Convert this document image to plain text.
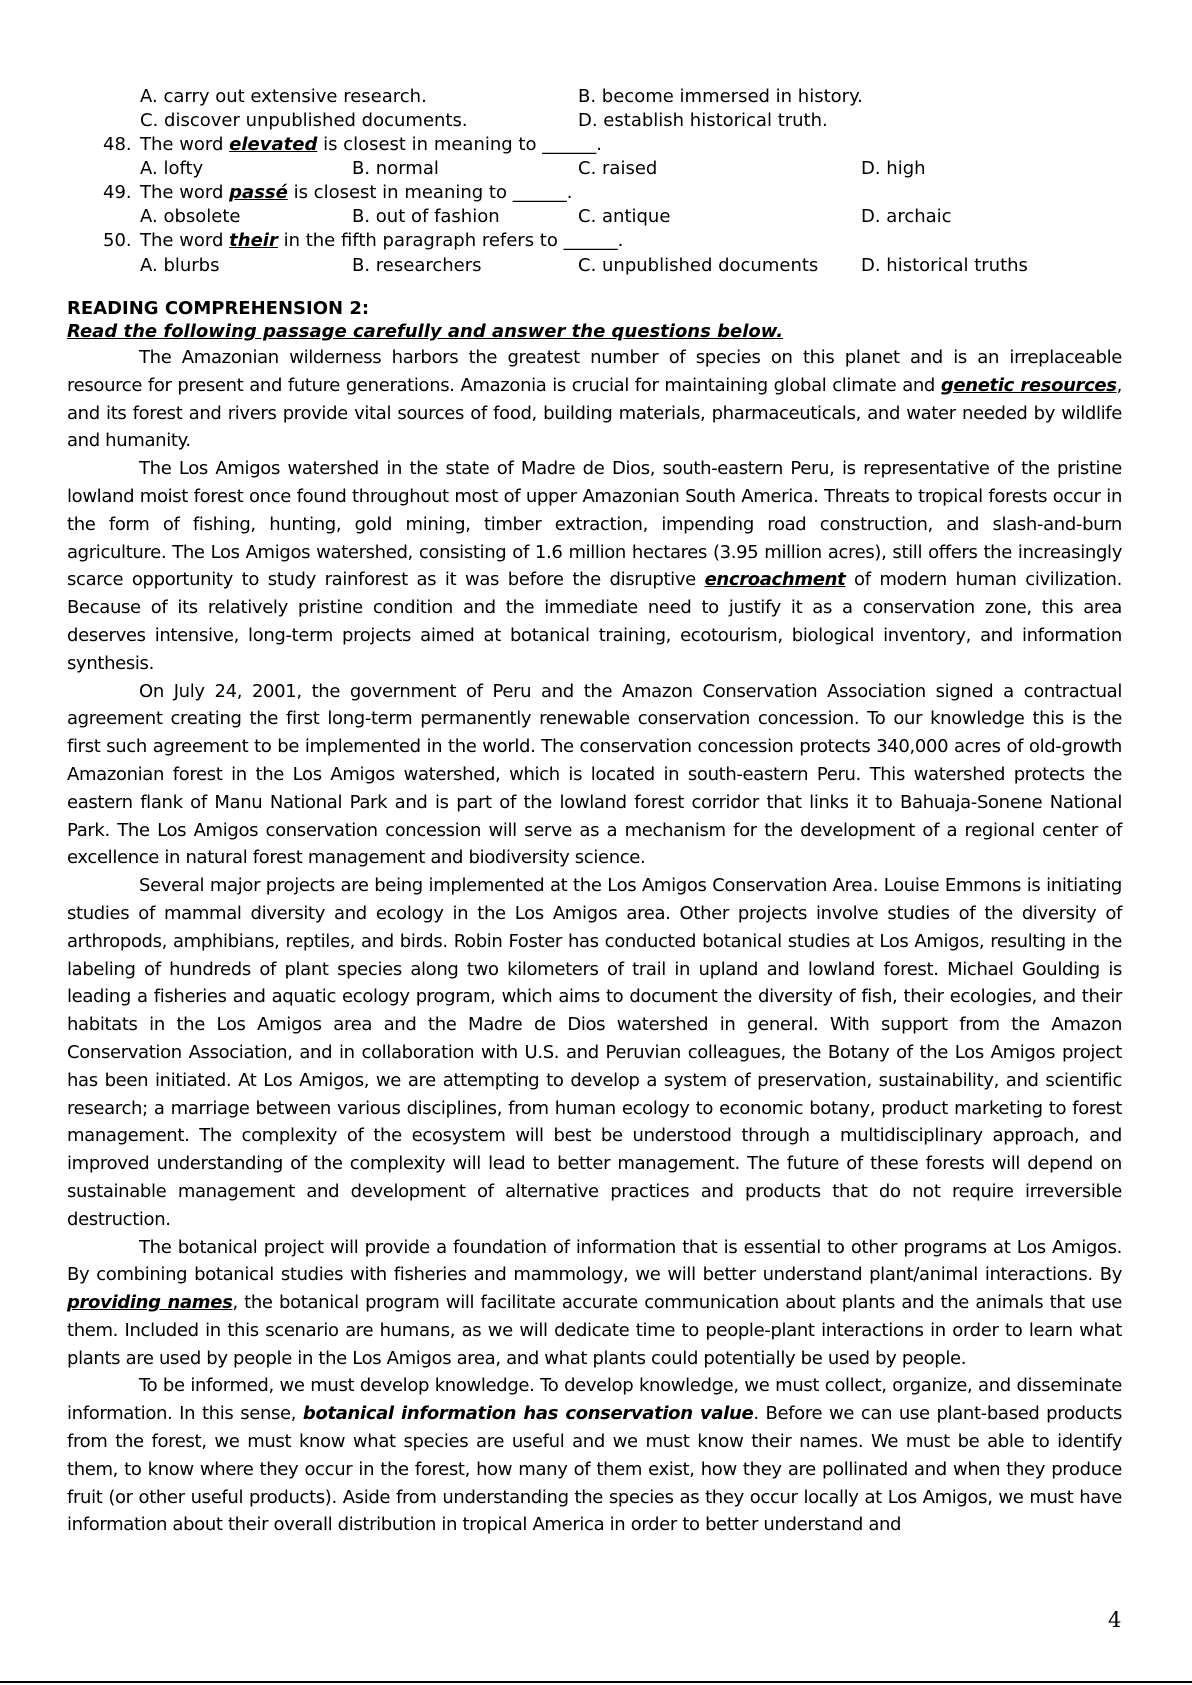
A. carry out extensive research.	B. become immersed in history.
C. discover unpublished documents.	D. establish historical truth.
48. The word elevated is closest in meaning to ______.
A. lofty	B. normal	C. raised	D. high
49. The word passé is closest in meaning to ______.
A. obsolete	B. out of fashion	C. antique	D. archaic
50. The word their in the fifth paragraph refers to ______.
A. blurbs	B. researchers	C. unpublished documents D. historical truths
READING COMPREHENSION 2:
Read the following passage carefully and answer the questions below.

The Amazonian wilderness harbors the greatest number of species on this planet and is an irreplaceable resource for present and future generations. Amazonia is crucial for maintaining global climate and genetic resources, and its forest and rivers provide vital sources of food, building materials, pharmaceuticals, and water needed by wildlife and humanity.

The Los Amigos watershed in the state of Madre de Dios, south-eastern Peru, is representative of the pristine lowland moist forest once found throughout most of upper Amazonian South America. Threats to tropical forests occur in the form of fishing, hunting, gold mining, timber extraction, impending road construction, and slash-and-burn agriculture. The Los Amigos watershed, consisting of 1.6 million hectares (3.95 million acres), still offers the increasingly scarce opportunity to study rainforest as it was before the disruptive encroachment of modern human civilization. Because of its relatively pristine condition and the immediate need to justify it as a conservation zone, this area deserves intensive, long-term projects aimed at botanical training, ecotourism, biological inventory, and information synthesis.

On July 24, 2001, the government of Peru and the Amazon Conservation Association signed a contractual agreement creating the first long-term permanently renewable conservation concession. To our knowledge this is the first such agreement to be implemented in the world. The conservation concession protects 340,000 acres of old-growth Amazonian forest in the Los Amigos watershed, which is located in south-eastern Peru. This watershed protects the eastern flank of Manu National Park and is part of the lowland forest corridor that links it to Bahuaja-Sonene National Park. The Los Amigos conservation concession will serve as a mechanism for the development of a regional center of excellence in natural forest management and biodiversity science.

Several major projects are being implemented at the Los Amigos Conservation Area. Louise Emmons is initiating studies of mammal diversity and ecology in the Los Amigos area. Other projects involve studies of the diversity of arthropods, amphibians, reptiles, and birds. Robin Foster has conducted botanical studies at Los Amigos, resulting in the labeling of hundreds of plant species along two kilometers of trail in upland and lowland forest. Michael Goulding is leading a fisheries and aquatic ecology program, which aims to document the diversity of fish, their ecologies, and their habitats in the Los Amigos area and the Madre de Dios watershed in general. With support from the Amazon Conservation Association, and in collaboration with U.S. and Peruvian colleagues, the Botany of the Los Amigos project has been initiated. At Los Amigos, we are attempting to develop a system of preservation, sustainability, and scientific research; a marriage between various disciplines, from human ecology to economic botany, product marketing to forest management. The complexity of the ecosystem will best be understood through a multidisciplinary approach, and improved understanding of the complexity will lead to better management. The future of these forests will depend on sustainable management and development of alternative practices and products that do not require irreversible destruction.

The botanical project will provide a foundation of information that is essential to other programs at Los Amigos. By combining botanical studies with fisheries and mammology, we will better understand plant/animal interactions. By providing names, the botanical program will facilitate accurate communication about plants and the animals that use them. Included in this scenario are humans, as we will dedicate time to people-plant interactions in order to learn what plants are used by people in the Los Amigos area, and what plants could potentially be used by people.

To be informed, we must develop knowledge. To develop knowledge, we must collect, organize, and disseminate information. In this sense, botanical information has conservation value. Before we can use plant-based products from the forest, we must know what species are useful and we must know their names. We must be able to identify them, to know where they occur in the forest, how many of them exist, how they are pollinated and when they produce fruit (or other useful products). Aside from understanding the species as they occur locally at Los Amigos, we must have information about their overall distribution in tropical America in order to better understand and

4
